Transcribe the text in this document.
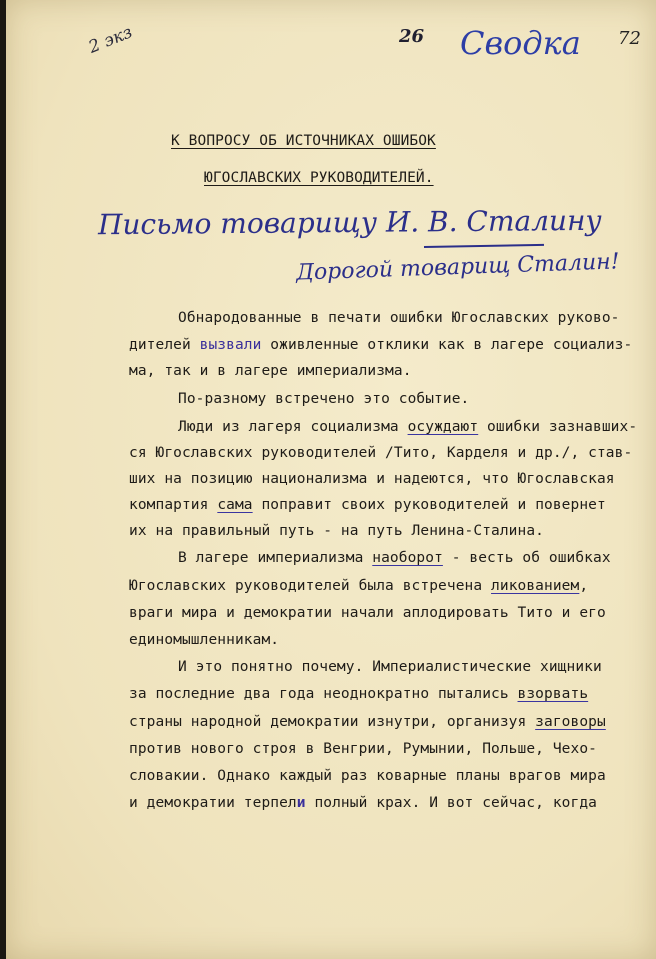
2 экз	26 Сводка 72
К ВОПРОСУ ОБ ИСТОЧНИКАХ ОШИБОК
ЮГОСЛАВСКИХ РУКОВОДИТЕЛЕЙ.
Письмо товарищу И. В. Сталину
Дорогой товарищ Сталин!
Обнародованные в печати ошибки Югославских руково-
дителей вызвали оживленные отклики как в лагере социализ-
ма, так и в лагере империализма.
По-разному встречено это событие.
Люди из лагеря социализма осуждают ошибки зазнавших-
ся Югославских руководителей /Тито, Карделя и др./, став-
ших на позицию национализма и надеются, что Югославская
компартия сама поправит своих руководителей и повернет
их на правильный путь - на путь Ленина-Сталина.
В лагере империализма наоборот - весть об ошибках
Югославских руководителей была встречена ликованием,
враги мира и демократии начали аплодировать Тито и его
единомышленникам.
И это понятно почему. Империалистические хищники
за последние два года неоднократно пытались взорвать
страны народной демократии изнутри, организуя заговоры
против нового строя в Венгрии, Румынии, Польше, Чехо-
словакии. Однако каждый раз коварные планы врагов мира
и демократии терпели полный крах. И вот сейчас, когда
